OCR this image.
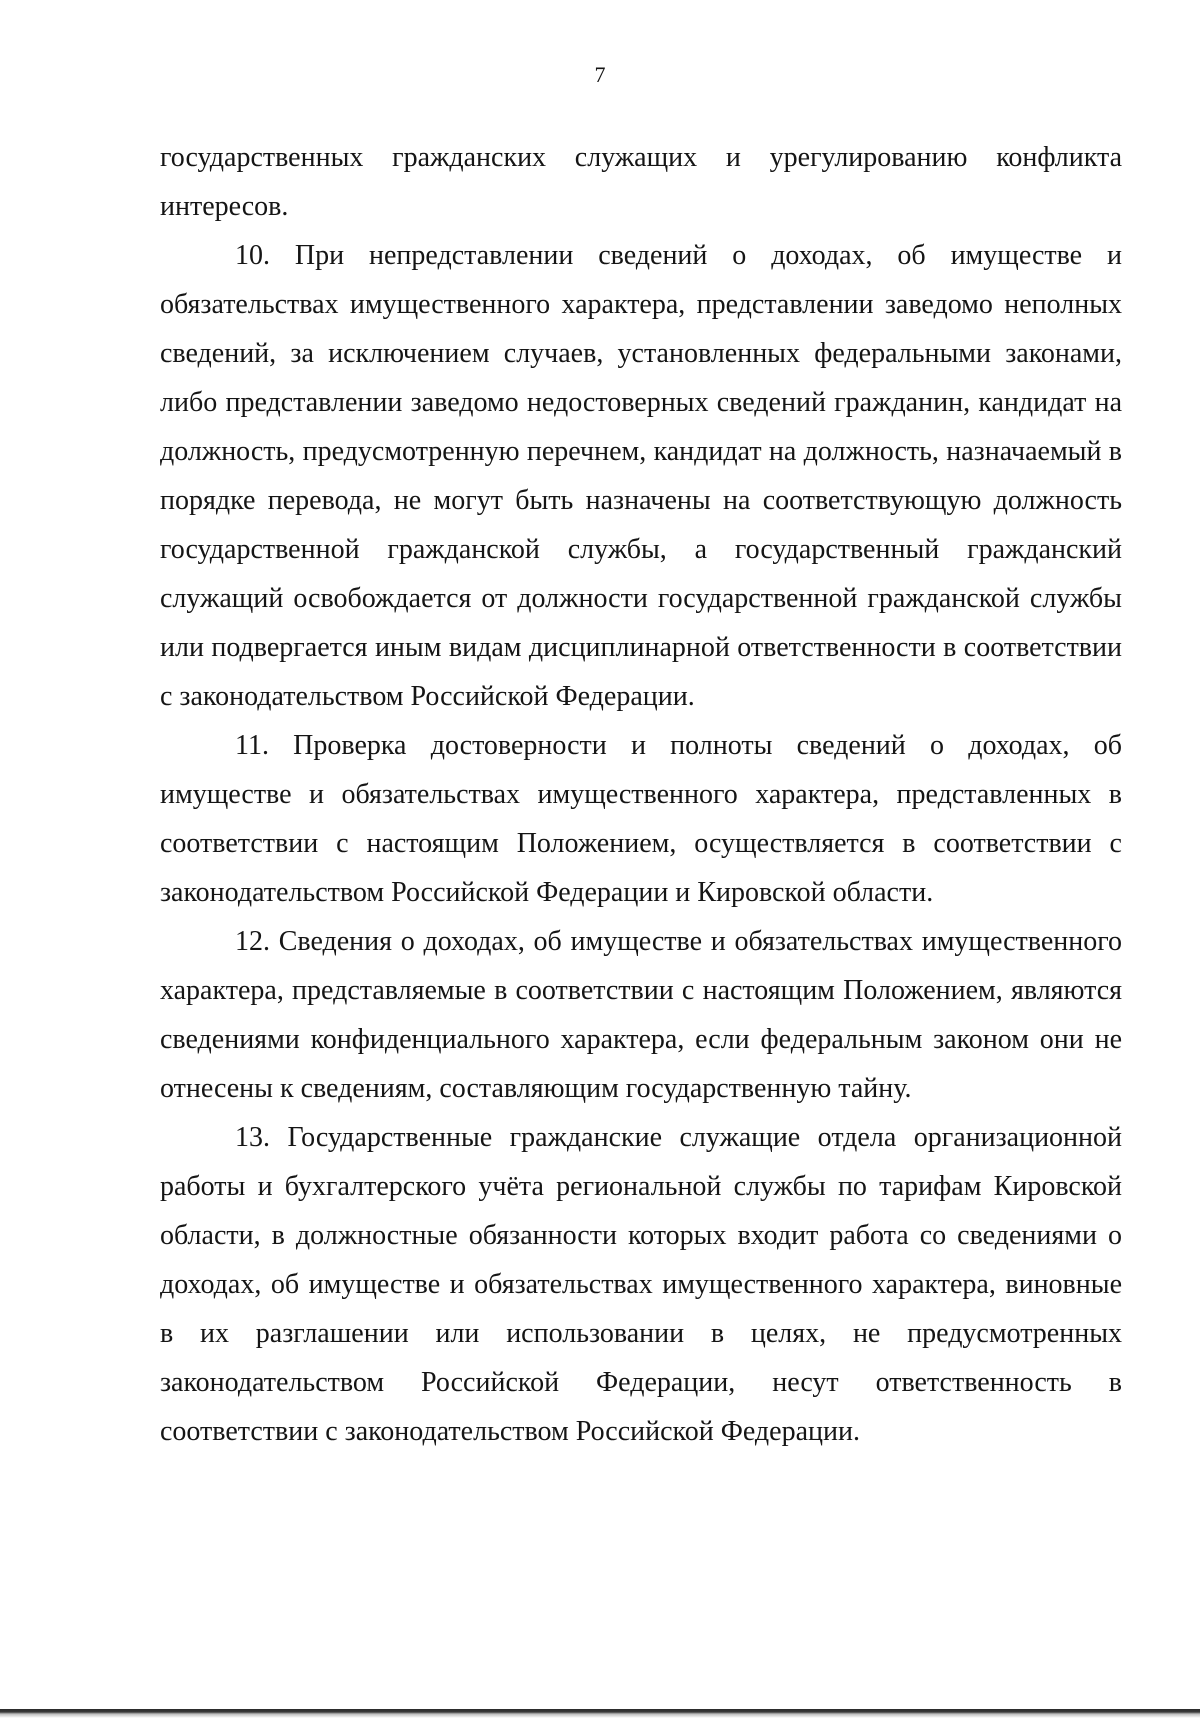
7

государственных гражданских служащих и урегулированию конфликта интересов.

10. При непредставлении сведений о доходах, об имуществе и обязательствах имущественного характера, представлении заведомо неполных сведений, за исключением случаев, установленных федеральными законами, либо представлении заведомо недостоверных сведений гражданин, кандидат на должность, предусмотренную перечнем, кандидат на должность, назначаемый в порядке перевода, не могут быть назначены на соответствующую должность государственной гражданской службы, а государственный гражданский служащий освобождается от должности государственной гражданской службы или подвергается иным видам дисциплинарной ответственности в соответствии с законодательством Российской Федерации.

11. Проверка достоверности и полноты сведений о доходах, об имуществе и обязательствах имущественного характера, представленных в соответствии с настоящим Положением, осуществляется в соответствии с законодательством Российской Федерации и Кировской области.

12. Сведения о доходах, об имуществе и обязательствах имущественного характера, представляемые в соответствии с настоящим Положением, являются сведениями конфиденциального характера, если федеральным законом они не отнесены к сведениям, составляющим государственную тайну.

13. Государственные гражданские служащие отдела организационной работы и бухгалтерского учёта региональной службы по тарифам Кировской области, в должностные обязанности которых входит работа со сведениями о доходах, об имуществе и обязательствах имущественного характера, виновные в их разглашении или использовании в целях, не предусмотренных законодательством Российской Федерации, несут ответственность в соответствии с законодательством Российской Федерации.
